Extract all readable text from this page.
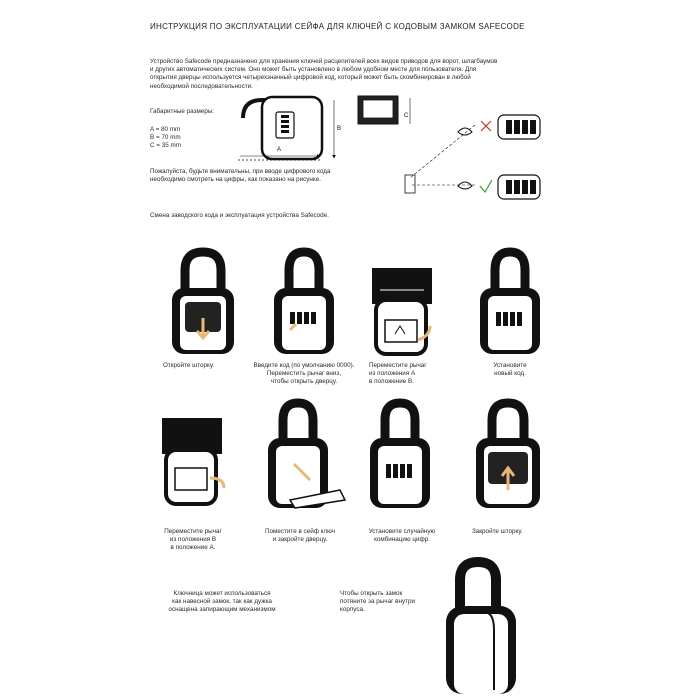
ИНСТРУКЦИЯ ПО ЭКСПЛУАТАЦИИ СЕЙФА ДЛЯ КЛЮЧЕЙ С КОДОВЫМ ЗАМКОМ SAFECODE
Устройство Safecode предназначено для хранения ключей расцепителей всех видов приводов для ворот, шлагбаумов
и других автоматических систем. Оно может быть установлено в любом удобном месте для пользователя. Для
открытия дверцы используется четырехзначный цифровой код, который может быть скомбинирован в любой
необходимой последовательности.
Габаритные размеры:
A = 80 mm
B = 70 mm
C = 35 mm
Пожалуйста, будьте внимательны, при вводе цифрового кода
необходимо смотреть на цифры, как показано на рисунке.
Смена заводского кода и эксплуатация устройства Safecode.
Откройте шторку.	Введите код (по умолчанию 0000).
Переместить рычаг вниз,
чтобы открыть дверцу.
Переместите рычаг
из положения А
в положение В.
Установите
новый код.
Переместите рычаг
из положения В
в положение А.
Поместите в сейф ключ
и закройте дверцу.
Установите случайную
комбинацию цифр.
Закройте шторку.
Ключница может использоваться
как навесной замок, так как дужка
оснащена запирающим механизмом
Чтобы открыть замок
потяните за рычаг внутри
корпуса.
A
B
C
